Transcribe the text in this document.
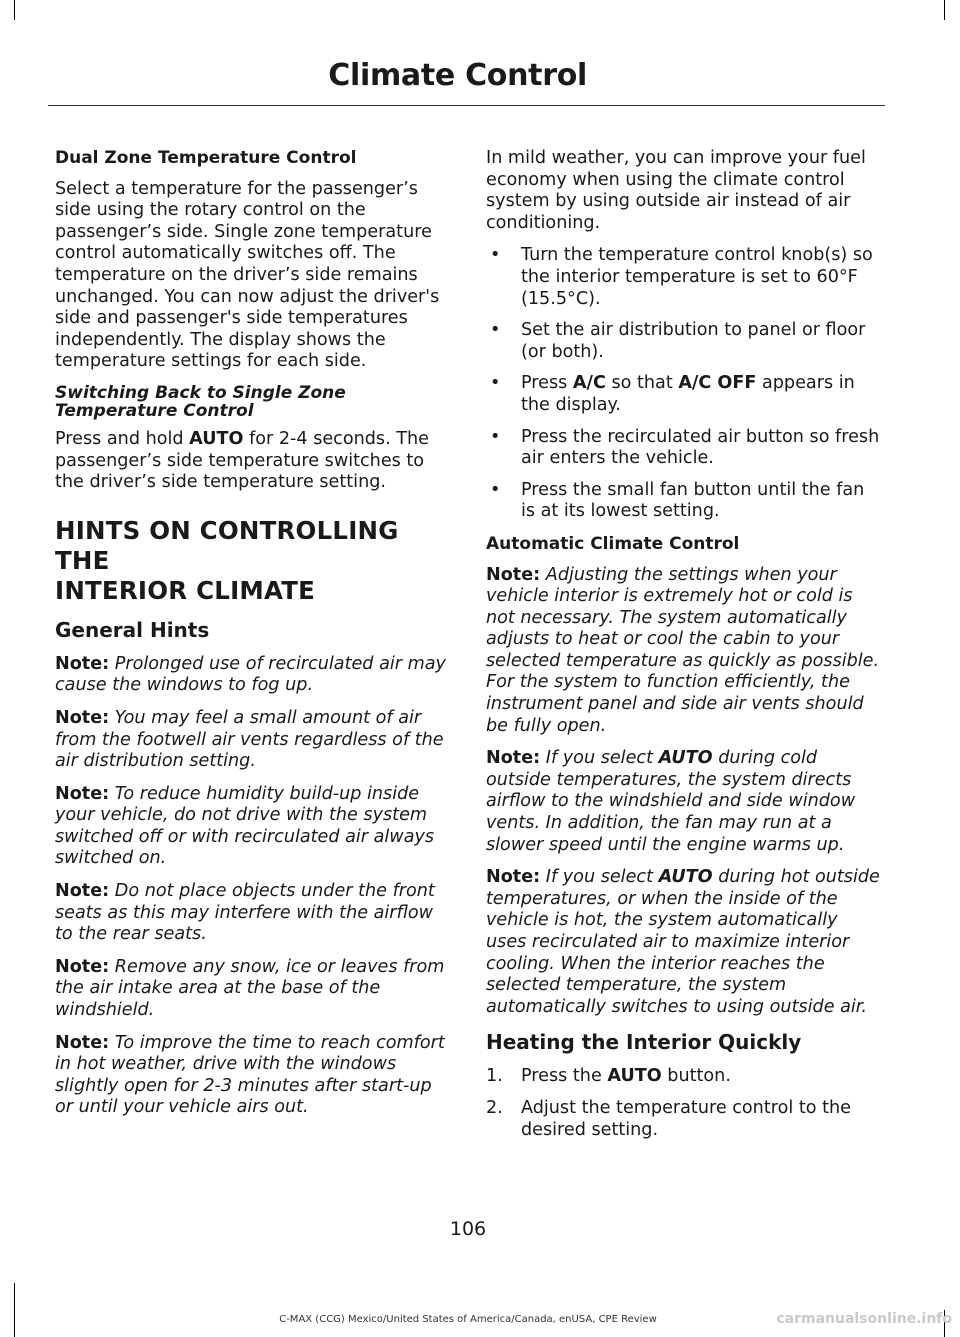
Climate Control
Dual Zone Temperature Control

Select a temperature for the passenger’s side using the rotary control on the passenger’s side. Single zone temperature control automatically switches off. The temperature on the driver’s side remains unchanged. You can now adjust the driver's side and passenger's side temperatures independently. The display shows the temperature settings for each side.

Switching Back to Single Zone Temperature Control

Press and hold AUTO for 2-4 seconds. The passenger’s side temperature switches to the driver’s side temperature setting.

HINTS ON CONTROLLING THE
INTERIOR CLIMATE
General Hints

Note: Prolonged use of recirculated air may cause the windows to fog up.

Note: You may feel a small amount of air from the footwell air vents regardless of the air distribution setting.

Note: To reduce humidity build-up inside your vehicle, do not drive with the system switched off or with recirculated air always switched on.

Note: Do not place objects under the front seats as this may interfere with the airflow to the rear seats.

Note: Remove any snow, ice or leaves from the air intake area at the base of the windshield.

Note: To improve the time to reach comfort in hot weather, drive with the windows slightly open for 2-3 minutes after start-up or until your vehicle airs out.

In mild weather, you can improve your fuel economy when using the climate control system by using outside air instead of air conditioning.

• Turn the temperature control knob(s) so the interior temperature is set to 60°F (15.5°C).
• Set the air distribution to panel or floor (or both).
• Press A/C so that A/C OFF appears in the display.
• Press the recirculated air button so fresh air enters the vehicle.
• Press the small fan button until the fan is at its lowest setting.
Automatic Climate Control

Note: Adjusting the settings when your vehicle interior is extremely hot or cold is not necessary. The system automatically adjusts to heat or cool the cabin to your selected temperature as quickly as possible. For the system to function efficiently, the instrument panel and side air vents should be fully open.

Note: If you select AUTO during cold outside temperatures, the system directs airflow to the windshield and side window vents. In addition, the fan may run at a slower speed until the engine warms up.

Note: If you select AUTO during hot outside temperatures, or when the inside of the vehicle is hot, the system automatically uses recirculated air to maximize interior cooling. When the interior reaches the selected temperature, the system automatically switches to using outside air.

Heating the Interior Quickly
1. Press the AUTO button.
2. Adjust the temperature control to the desired setting.
106
C-MAX (CCG) Mexico/United States of America/Canada, enUSA, CPE Review	carmanualsonline.info
